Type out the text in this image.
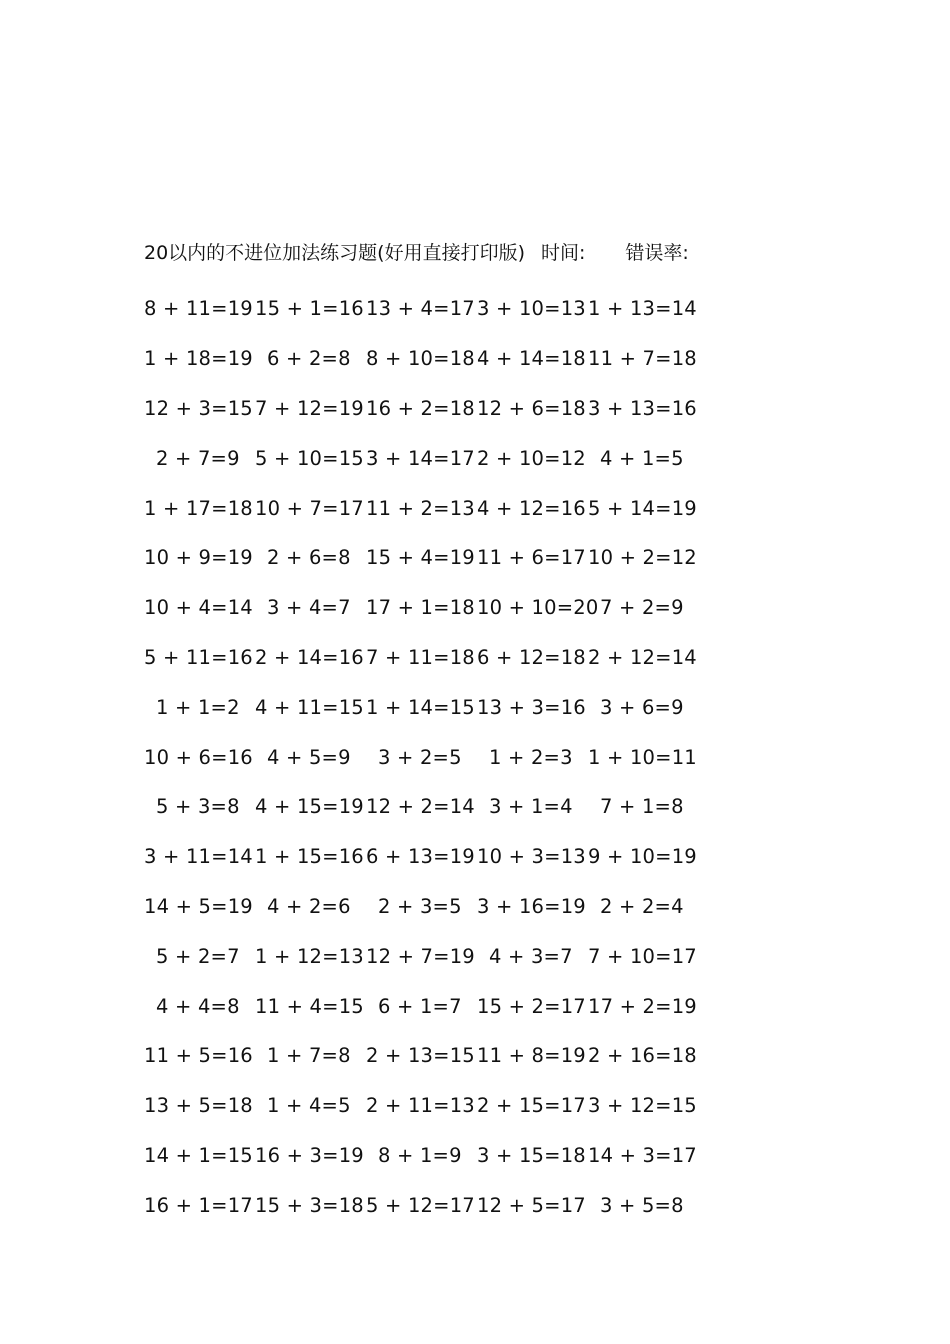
20以内的不进位加法练习题(好用直接打印版) 时间: 错误率:
8 + 11=19 15 + 1=16 13 + 4=17 3 + 10=13 1 + 13=14
1 + 18=19 6 + 2=8 8 + 10=18 4 + 14=18 11 + 7=18
12 + 3=15 7 + 12=19 16 + 2=18 12 + 6=18 3 + 13=16
2 + 7=9 5 + 10=15 3 + 14=17 2 + 10=12 4 + 1=5
1 + 17=18 10 + 7=17 11 + 2=13 4 + 12=16 5 + 14=19
10 + 9=19 2 + 6=8 15 + 4=19 11 + 6=17 10 + 2=12
10 + 4=14 3 + 4=7 17 + 1=18 10 + 10=20 7 + 2=9
5 + 11=16 2 + 14=16 7 + 11=18 6 + 12=18 2 + 12=14
1 + 1=2 4 + 11=15 1 + 14=15 13 + 3=16 3 + 6=9
10 + 6=16 4 + 5=9	3 + 2=5	1 + 2=3 1 + 10=11
5 + 3=8 4 + 15=19 12 + 2=14 3 + 1=4	7 + 1=8
3 + 11=14 1 + 15=16 6 + 13=19 10 + 3=13 9 + 10=19
14 + 5=19 4 + 2=6	2 + 3=5 3 + 16=19 2 + 2=4
5 + 2=7 1 + 12=13 12 + 7=19 4 + 3=7 7 + 10=17
4 + 4=8 11 + 4=15 6 + 1=7 15 + 2=17 17 + 2=19
11 + 5=16 1 + 7=8 2 + 13=15 11 + 8=19 2 + 16=18
13 + 5=18 1 + 4=5 2 + 11=13 2 + 15=17 3 + 12=15
14 + 1=15 16 + 3=19 8 + 1=9 3 + 15=18 14 + 3=17
16 + 1=17 15 + 3=18 5 + 12=17 12 + 5=17 3 + 5=8
